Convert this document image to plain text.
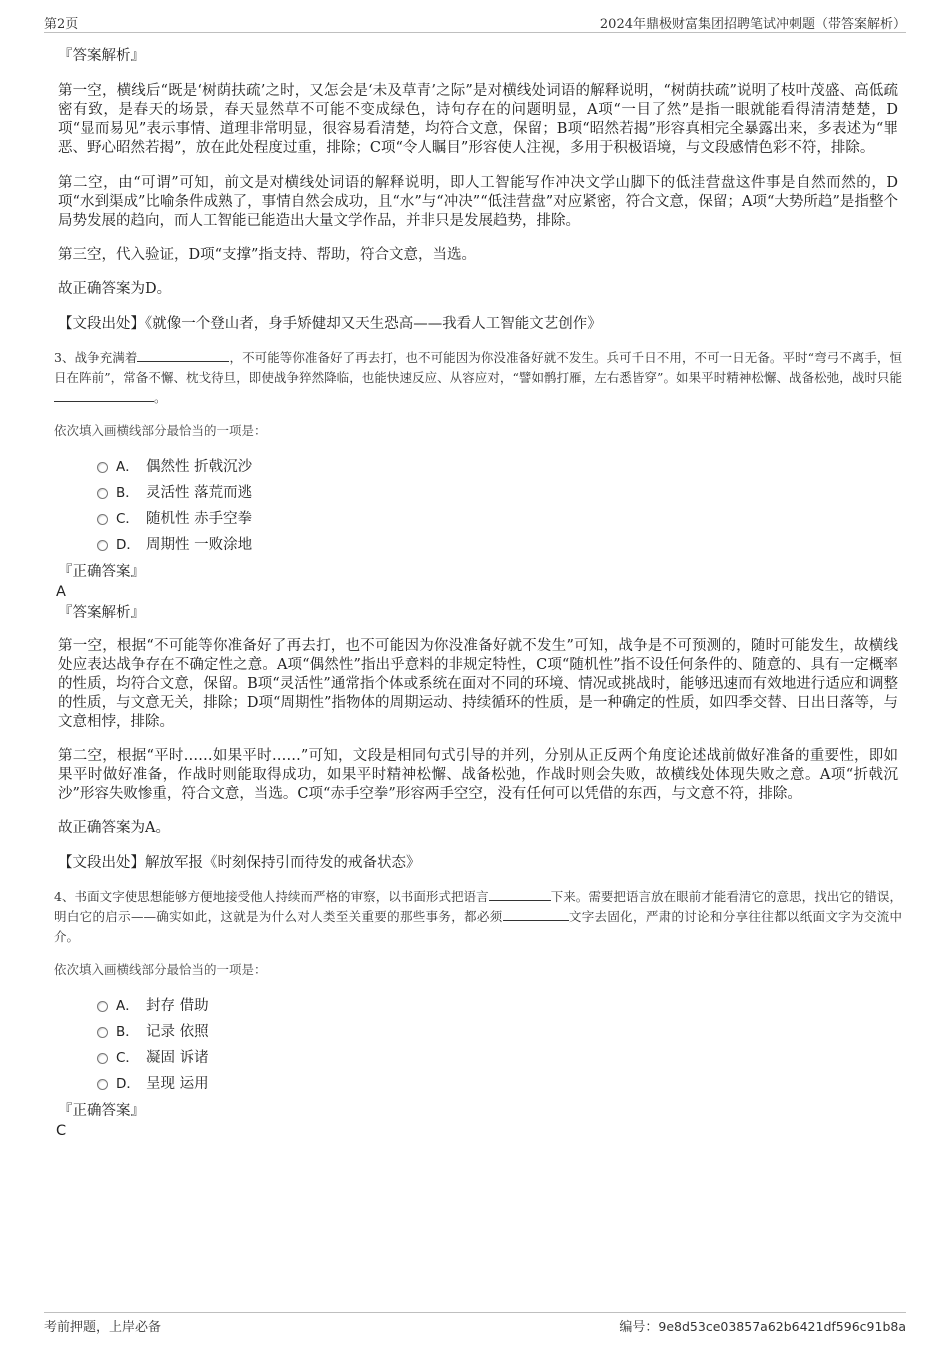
第2页	2024年鼎极财富集团招聘笔试冲刺题（带答案解析）

『答案解析』

第一空，横线后“既是‘树荫扶疏’之时，又怎会是‘未及草青’之际”是对横线处词语的解释说明，“树荫扶疏”说明了枝叶茂盛、高低疏密有致，是春天的场景，春天显然草不可能不变成绿色，诗句存在的问题明显，A项“一目了然”是指一眼就能看得清清楚楚，D项“显而易见”表示事情、道理非常明显，很容易看清楚，均符合文意，保留；B项“昭然若揭”形容真相完全暴露出来，多表述为“罪恶、野心昭然若揭”，放在此处程度过重，排除；C项“令人瞩目”形容使人注视，多用于积极语境，与文段感情色彩不符，排除。

第二空，由“可谓”可知，前文是对横线处词语的解释说明，即人工智能写作冲决文学山脚下的低洼营盘这件事是自然而然的，D项“水到渠成”比喻条件成熟了，事情自然会成功，且“水”与“冲决”“低洼营盘”对应紧密，符合文意，保留；A项“大势所趋”是指整个局势发展的趋向，而人工智能已能造出大量文学作品，并非只是发展趋势，排除。

第三空，代入验证，D项“支撑”指支持、帮助，符合文意，当选。

故正确答案为D。

【文段出处】《就像一个登山者，身手矫健却又天生恐高——我看人工智能文艺创作》

3、战争充满着	，不可能等你准备好了再去打，也不可能因为你没准备好就不发生。兵可千日不用，不可一日无备。平时“弯弓不离手，恒日在阵前”，常备不懈、枕戈待旦，即使战争猝然降临，也能快速反应、从容应对，“譬如鹘打雁，左右悉皆穿”。如果平时精神松懈、战备松弛，战时只能。

依次填入画横线部分最恰当的一项是：

A． 偶然性 折戟沉沙
B． 灵活性 落荒而逃
C． 随机性 赤手空拳
D． 周期性 一败涂地

『正确答案』

A

『答案解析』

第一空，根据“不可能等你准备好了再去打，也不可能因为你没准备好就不发生”可知，战争是不可预测的，随时可能发生，故横线处应表达战争存在不确定性之意。A项“偶然性”指出乎意料的非规定特性，C项“随机性”指不设任何条件的、随意的、具有一定概率的性质，均符合文意，保留。B项“灵活性”通常指个体或系统在面对不同的环境、情况或挑战时，能够迅速而有效地进行适应和调整的性质，与文意无关，排除；D项“周期性”指物体的周期运动、持续循环的性质，是一种确定的性质，如四季交替、日出日落等，与文意相悖，排除。

第二空，根据“平时……如果平时……”可知，文段是相同句式引导的并列，分别从正反两个角度论述战前做好准备的重要性，即如果平时做好准备，作战时则能取得成功，如果平时精神松懈、战备松弛，作战时则会失败，故横线处体现失败之意。A项“折戟沉沙”形容失败惨重，符合文意，当选。C项“赤手空拳”形容两手空空，没有任何可以凭借的东西，与文意不符，排除。

故正确答案为A。

【文段出处】解放军报《时刻保持引而待发的戒备状态》

4、书面文字使思想能够方便地接受他人持续而严格的审察，以书面形式把语言	下来。需要把语言放在眼前才能看清它的意思，找出它的错误，明白它的启示——确实如此，这就是为什么对人类至关重要的那些事务，都必须	文字去固化，严肃的讨论和分享往往都以纸面文字为交流中介。

依次填入画横线部分最恰当的一项是：

A． 封存 借助
B． 记录 依照
C． 凝固 诉诸
D． 呈现 运用

『正确答案』

C

考前押题，上岸必备	编号：9e8d53ce03857a62b6421df596c91b8a
